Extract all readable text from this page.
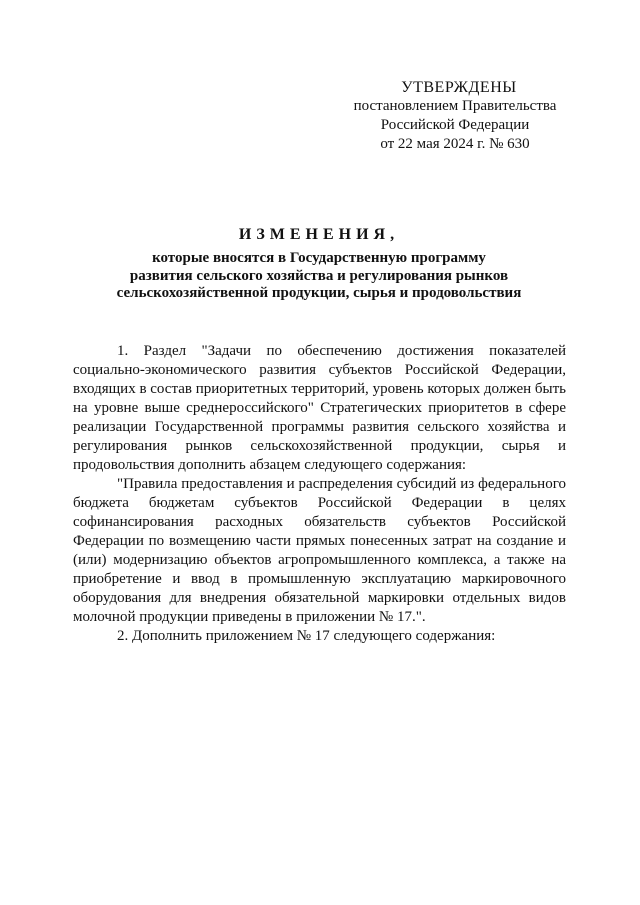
УТВЕРЖДЕНЫ
постановлением Правительства
Российской Федерации
от 22 мая 2024 г. № 630
ИЗМЕНЕНИЯ,
которые вносятся в Государственную программу
развития сельского хозяйства и регулирования рынков
сельскохозяйственной продукции, сырья и продовольствия

1. Раздел "Задачи по обеспечению достижения показателей социально-экономического развития субъектов Российской Федерации, входящих в состав приоритетных территорий, уровень которых должен быть на уровне выше среднероссийского" Стратегических приоритетов в сфере реализации Государственной программы развития сельского хозяйства и регулирования рынков сельскохозяйственной продукции, сырья и продовольствия дополнить абзацем следующего содержания:

"Правила предоставления и распределения субсидий из федерального бюджета бюджетам субъектов Российской Федерации в целях софинансирования расходных обязательств субъектов Российской Федерации по возмещению части прямых понесенных затрат на создание и (или) модернизацию объектов агропромышленного комплекса, а также на приобретение и ввод в промышленную эксплуатацию маркировочного оборудования для внедрения обязательной маркировки отдельных видов молочной продукции приведены в приложении № 17.".

2. Дополнить приложением № 17 следующего содержания:
